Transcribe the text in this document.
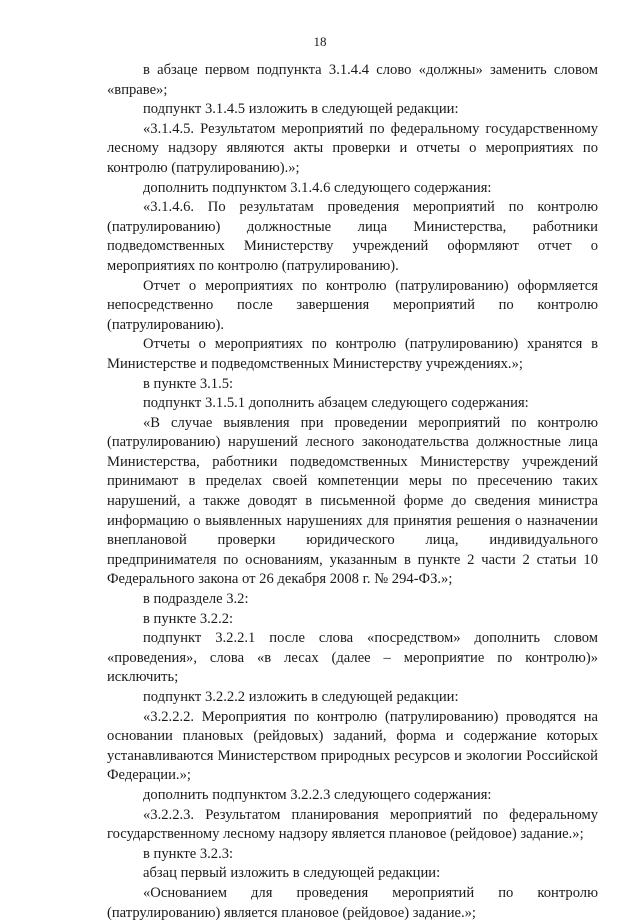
18

в абзаце первом подпункта 3.1.4.4 слово «должны» заменить словом «вправе»;

подпункт 3.1.4.5 изложить в следующей редакции:

«3.1.4.5. Результатом мероприятий по федеральному государственному лесному надзору являются акты проверки и отчеты о мероприятиях по контролю (патрулированию).»;

дополнить подпунктом 3.1.4.6 следующего содержания:

«3.1.4.6. По результатам проведения мероприятий по контролю (патрулированию) должностные лица Министерства, работники подведомственных Министерству учреждений оформляют отчет о мероприятиях по контролю (патрулированию).

Отчет о мероприятиях по контролю (патрулированию) оформляется непосредственно после завершения мероприятий по контролю (патрулированию).

Отчеты о мероприятиях по контролю (патрулированию) хранятся в Министерстве и подведомственных Министерству учреждениях.»;

в пункте 3.1.5:

подпункт 3.1.5.1 дополнить абзацем следующего содержания:

«В случае выявления при проведении мероприятий по контролю (патрулированию) нарушений лесного законодательства должностные лица Министерства, работники подведомственных Министерству учреждений принимают в пределах своей компетенции меры по пресечению таких нарушений, а также доводят в письменной форме до сведения министра информацию о выявленных нарушениях для принятия решения о назначении внеплановой проверки юридического лица, индивидуального предпринимателя по основаниям, указанным в пункте 2 части 2 статьи 10 Федерального закона от 26 декабря 2008 г. № 294-ФЗ.»;

в подразделе 3.2:

в пункте 3.2.2:

подпункт 3.2.2.1 после слова «посредством» дополнить словом «проведения», слова «в лесах (далее – мероприятие по контролю)» исключить;

подпункт 3.2.2.2 изложить в следующей редакции:

«3.2.2.2. Мероприятия по контролю (патрулированию) проводятся на основании плановых (рейдовых) заданий, форма и содержание которых устанавливаются Министерством природных ресурсов и экологии Российской Федерации.»;

дополнить подпунктом 3.2.2.3 следующего содержания:

«3.2.2.3. Результатом планирования мероприятий по федеральному государственному лесному надзору является плановое (рейдовое) задание.»;

в пункте 3.2.3:

абзац первый изложить в следующей редакции:

«Основанием для проведения мероприятий по контролю (патрулированию) является плановое (рейдовое) задание.»;
